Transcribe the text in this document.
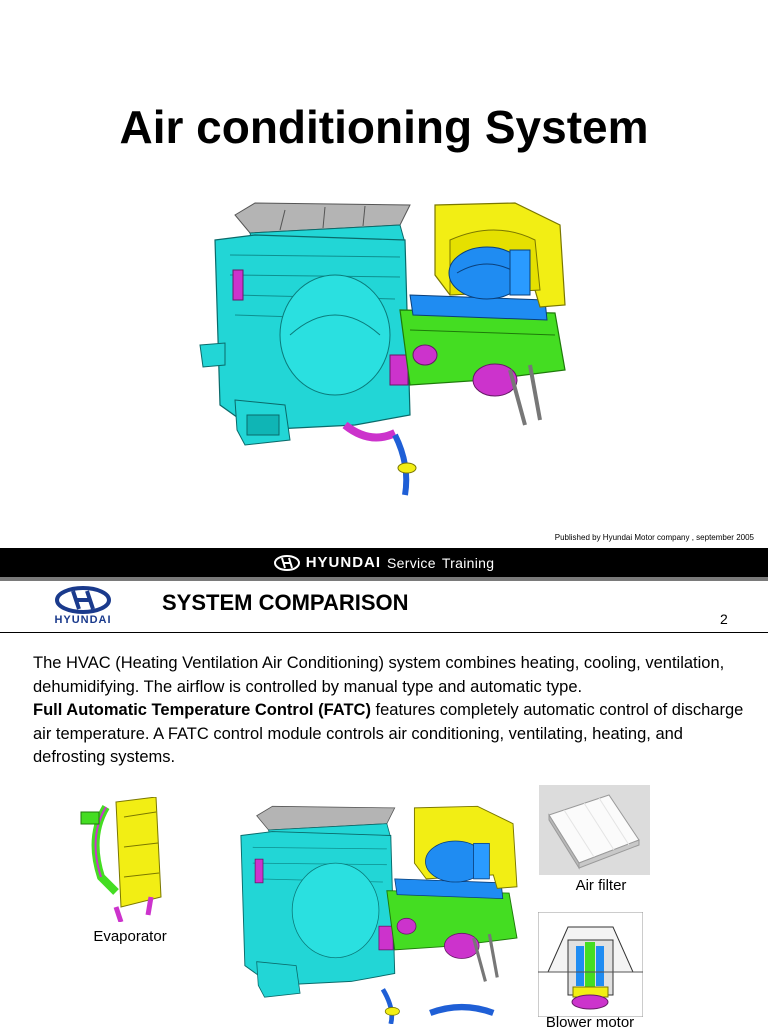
Air conditioning System
Published by Hyundai Motor company , september 2005
HYUNDAI Service Training
HYUNDAI
SYSTEM COMPARISON
2
The HVAC (Heating Ventilation Air Conditioning) system combines heating, cooling, ventilation, dehumidifying. The airflow is controlled by manual type and automatic type.
Full Automatic Temperature Control (FATC) features completely automatic control of discharge air temperature. A FATC control module controls air conditioning, ventilating, heating, and defrosting systems.
Evaporator
Air filter
Blower motor
